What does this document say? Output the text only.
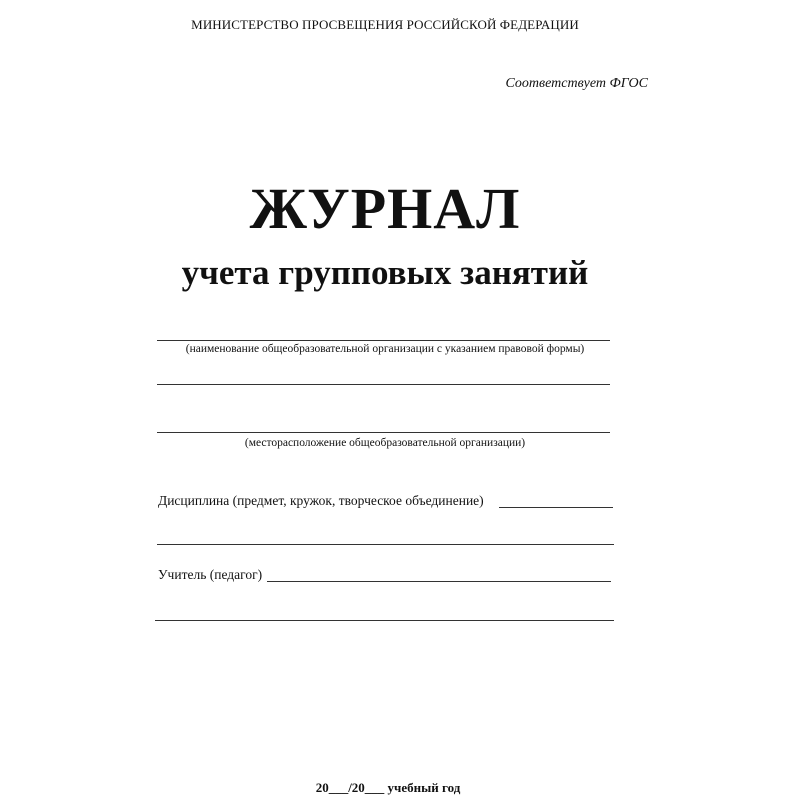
МИНИСТЕРСТВО ПРОСВЕЩЕНИЯ РОССИЙСКОЙ ФЕДЕРАЦИИ
Соответствует ФГОС
ЖУРНАЛ
учета групповых занятий
(наименование общеобразовательной организации с указанием правовой формы)
(месторасположение общеобразовательной организации)
Дисциплина (предмет, кружок, творческое объединение)
Учитель (педагог)
20___/20___ учебный год
